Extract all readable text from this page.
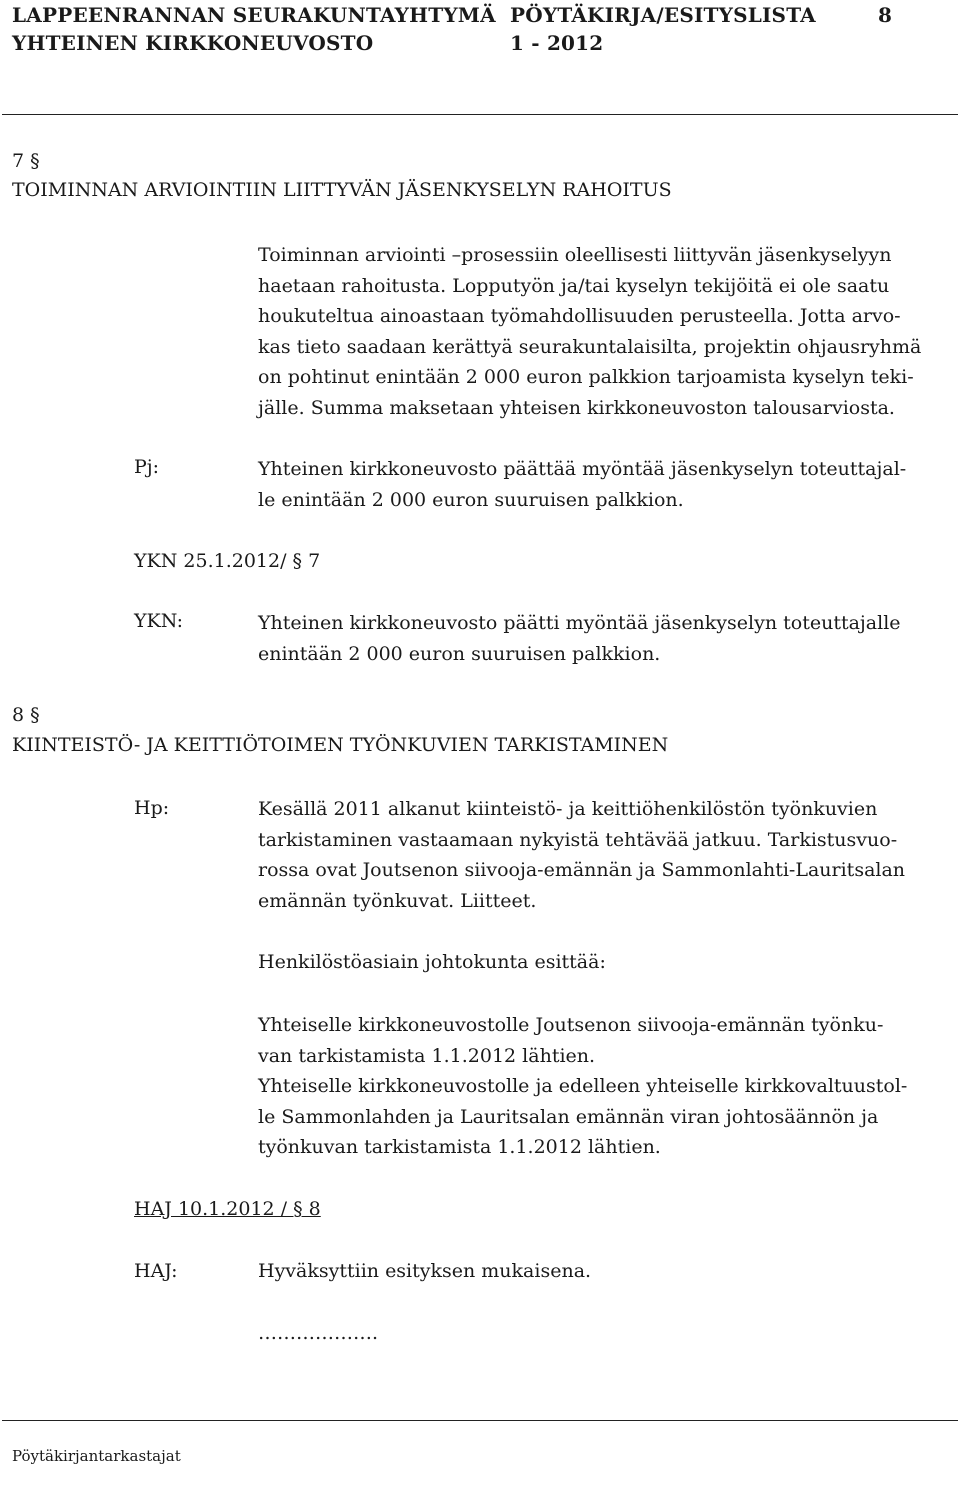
LAPPEENRANNAN SEURAKUNTAYHTYMÄ PÖYTÄKIRJA/ESITYSLISTA	8
YHTEINEN KIRKKONEUVOSTO	1 - 2012
7 §
TOIMINNAN ARVIOINTIIN LIITTYVÄN JÄSENKYSELYN RAHOITUS

Toiminnan arviointi –prosessiin oleellisesti liittyvän jäsenkyselyyn

haetaan rahoitusta. Lopputyön ja/tai kyselyn tekijöitä ei ole saatu

houkuteltua ainoastaan työmahdollisuuden perusteella. Jotta arvo-

kas tieto saadaan kerättyä seurakuntalaisilta, projektin ohjausryhmä

on pohtinut enintään 2 000 euron palkkion tarjoamista kyselyn teki-

jälle. Summa maksetaan yhteisen kirkkoneuvoston talousarviosta.

Pj:	Yhteinen kirkkoneuvosto päättää myöntää jäsenkyselyn toteuttajal-

le enintään 2 000 euron suuruisen palkkion.

YKN 25.1.2012/ § 7
YKN:	Yhteinen kirkkoneuvosto päätti myöntää jäsenkyselyn toteuttajalle

enintään 2 000 euron suuruisen palkkion.

8 §
KIINTEISTÖ- JA KEITTIÖTOIMEN TYÖNKUVIEN TARKISTAMINEN
Hp:	Kesällä 2011 alkanut kiinteistö- ja keittiöhenkilöstön työnkuvien

tarkistaminen vastaamaan nykyistä tehtävää jatkuu. Tarkistusvuo-

rossa ovat Joutsenon siivooja-emännän ja Sammonlahti-Lauritsalan

emännän työnkuvat. Liitteet.

Henkilöstöasiain johtokunta esittää:

Yhteiselle kirkkoneuvostolle Joutsenon siivooja-emännän työnku-

van tarkistamista 1.1.2012 lähtien.

Yhteiselle kirkkoneuvostolle ja edelleen yhteiselle kirkkovaltuustol-

le Sammonlahden ja Lauritsalan emännän viran johtosäännön ja

työnkuvan tarkistamista 1.1.2012 lähtien.

HAJ 10.1.2012 / § 8
HAJ:	Hyväksyttiin esityksen mukaisena.
……………….
Pöytäkirjantarkastajat
